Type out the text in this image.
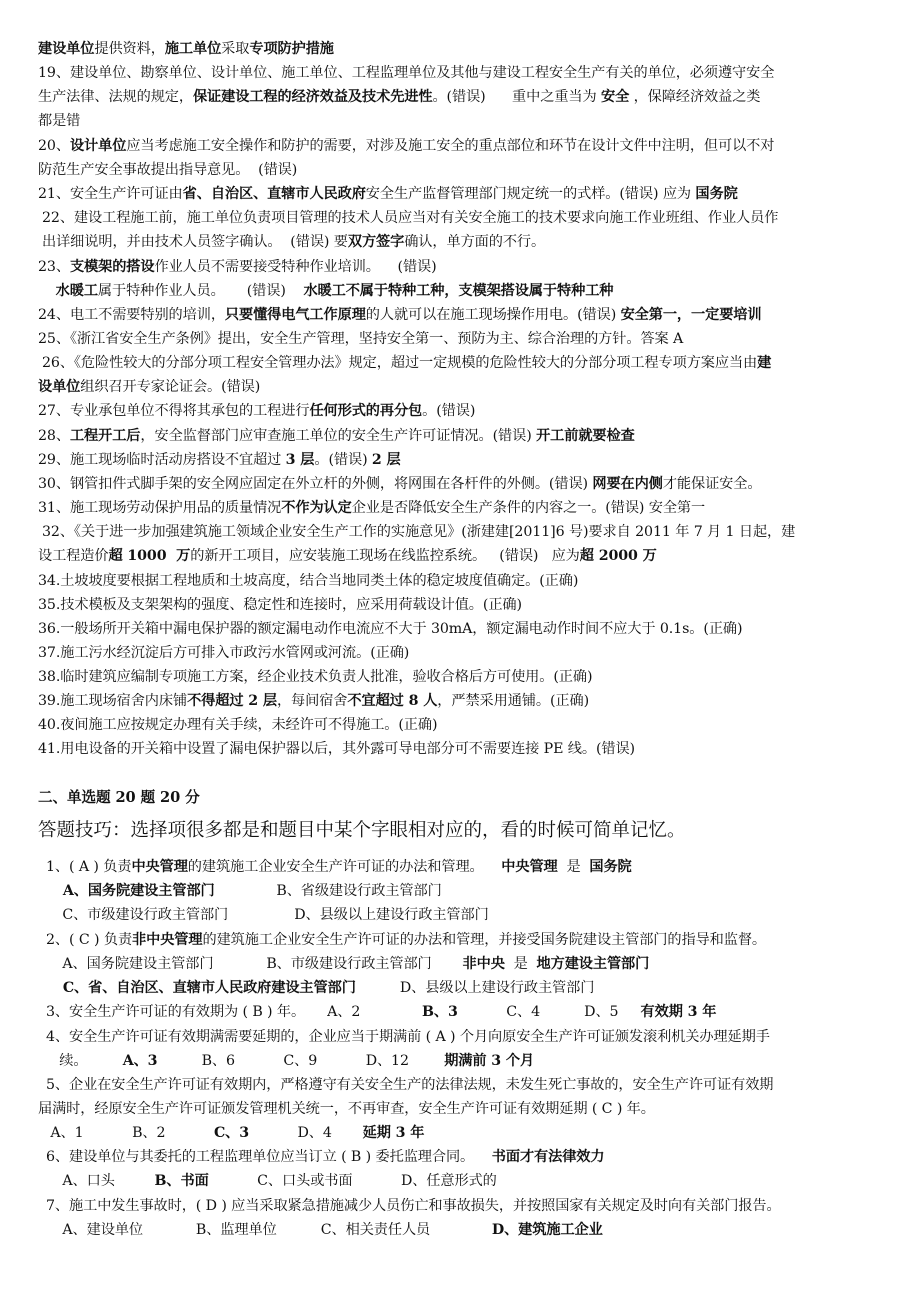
建设单位提供资料，施工单位采取专项防护措施
19、建设单位、勘察单位、设计单位、施工单位、工程监理单位及其他与建设工程安全生产有关的单位，必须遵守安全
生产法律、法规的规定，保证建设工程的经济效益及技术先进性。(错误)      重中之重当为 安全 ，保障经济效益之类
都是错
20、设计单位应当考虑施工安全操作和防护的需要，对涉及施工安全的重点部位和环节在设计文件中注明，但可以不对
防范生产安全事故提出指导意见。  (错误)
21、安全生产许可证由省、自治区、直辖市人民政府安全生产监督管理部门规定统一的式样。(错误) 应为 国务院
22、建设工程施工前，施工单位负责项目管理的技术人员应当对有关安全施工的技术要求向施工作业班组、作业人员作
出详细说明，并由技术人员签字确认。  (错误) 要双方签字确认，单方面的不行。
23、支模架的搭设作业人员不需要接受特种作业培训。    (错误)
水暖工属于特种作业人员。     (错误)    水暖工不属于特种工种，支模架搭设属于特种工种
24、电工不需要特别的培训，只要懂得电气工作原理的人就可以在施工现场操作用电。(错误) 安全第一，一定要培训
25、《浙江省安全生产条例》提出，安全生产管理，坚持安全第一、预防为主、综合治理的方针。答案 A
26、《危险性较大的分部分项工程安全管理办法》规定，超过一定规模的危险性较大的分部分项工程专项方案应当由建
设单位组织召开专家论证会。(错误)
27、专业承包单位不得将其承包的工程进行任何形式的再分包。(错误)
28、工程开工后，安全监督部门应审查施工单位的安全生产许可证情况。(错误) 开工前就要检查
29、施工现场临时活动房搭设不宜超过 3 层。(错误) 2 层
30、钢管扣件式脚手架的安全网应固定在外立杆的外侧，将网围在各杆件的外侧。(错误) 网要在内侧才能保证安全。
31、施工现场劳动保护用品的质量情况不作为认定企业是否降低安全生产条件的内容之一。(错误) 安全第一
32、《关于进一步加强建筑施工领域企业安全生产工作的实施意见》(浙建建[2011]6 号)要求自 2011 年 7 月 1 日起，建
设工程造价超 1000  万的新开工项目，应安装施工现场在线监控系统。   (错误)   应为超 2000 万
34.土坡坡度要根据工程地质和土坡高度，结合当地同类土体的稳定坡度值确定。(正确)
35.技术模板及支架架构的强度、稳定性和连接时，应采用荷载设计值。(正确)
36.一般场所开关箱中漏电保护器的额定漏电动作电流应不大于 30mA，额定漏电动作时间不应大于 0.1s。(正确)
37.施工污水经沉淀后方可排入市政污水管网或河流。(正确)
38.临时建筑应编制专项施工方案，经企业技术负责人批准，验收合格后方可使用。(正确)
39.施工现场宿舍内床铺不得超过 2 层，每间宿舍不宜超过 8 人，严禁采用通铺。(正确)
40.夜间施工应按规定办理有关手续，未经许可不得施工。(正确)
41.用电设备的开关箱中设置了漏电保护器以后，其外露可导电部分可不需要连接 PE 线。(错误)
二、单选题 20 题 20 分
答题技巧：选择项很多都是和题目中某个字眼相对应的，看的时候可简单记忆。
1、( A ) 负责中央管理的建筑施工企业安全生产许可证的办法和管理。    中央管理  是  国务院
A、国务院建设主管部门              B、省级建设行政主管部门
C、市级建设行政主管部门               D、县级以上建设行政主管部门
2、( C ) 负责非中央管理的建筑施工企业安全生产许可证的办法和管理，并接受国务院建设主管部门的指导和监督。
A、国务院建设主管部门            B、市级建设行政主管部门       非中央  是  地方建设主管部门
C、省、自治区、直辖市人民政府建设主管部门          D、县级以上建设行政主管部门
3、安全生产许可证的有效期为 ( B ) 年。     A、2              B、3           C、4          D、5     有效期 3 年
4、安全生产许可证有效期满需要延期的，企业应当于期满前 ( A ) 个月向原安全生产许可证颁发滚利机关办理延期手
续。        A、3          B、6           C、9           D、12        期满前 3 个月
5、企业在安全生产许可证有效期内，严格遵守有关安全生产的法律法规，未发生死亡事故的，安全生产许可证有效期
届满时，经原安全生产许可证颁发管理机关统一，不再审查，安全生产许可证有效期延期 ( C ) 年。
A、1           B、2           C、3           D、4       延期 3 年
6、建设单位与其委托的工程监理单位应当订立 ( B ) 委托监理合同。    书面才有法律效力
A、口头         B、书面           C、口头或书面           D、任意形式的
7、施工中发生事故时，( D ) 应当采取紧急措施减少人员伤亡和事故损失，并按照国家有关规定及时向有关部门报告。
A、建设单位            B、监理单位          C、相关责任人员              D、建筑施工企业
